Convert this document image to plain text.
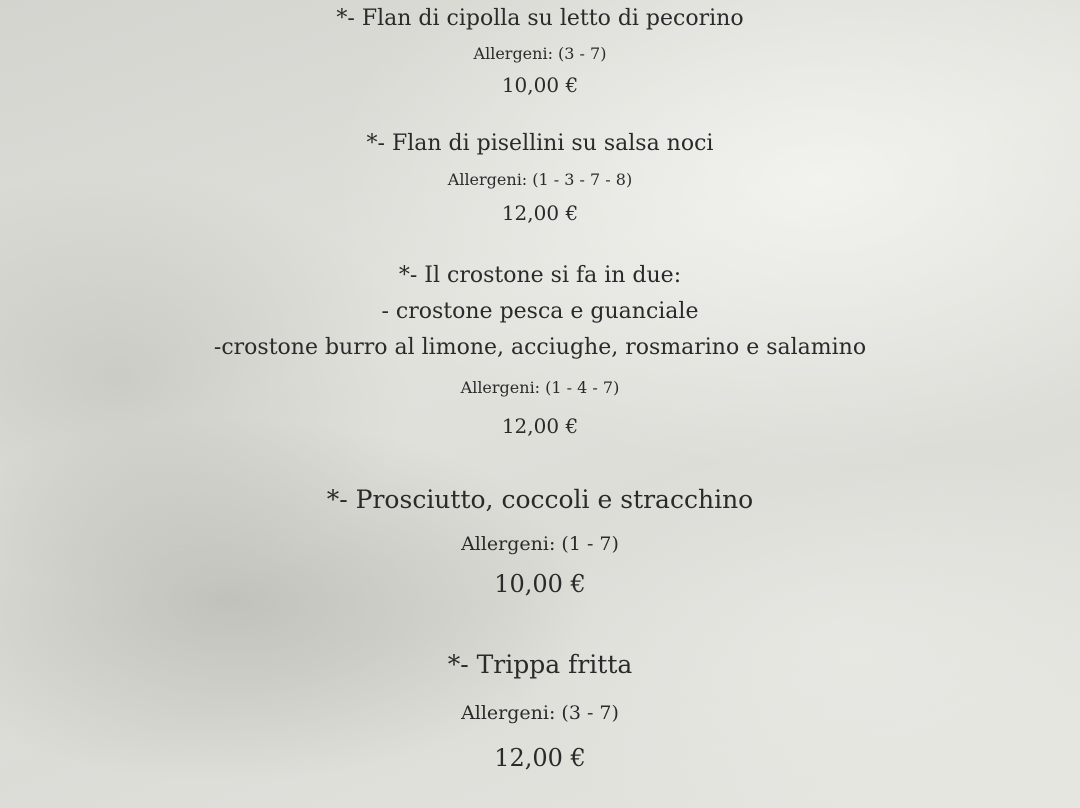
*- Flan di cipolla su letto di pecorino
Allergeni: (3 - 7)
10,00 €
*- Flan di pisellini su salsa noci
Allergeni: (1 - 3 - 7 - 8)
12,00 €
*- Il crostone si fa in due:
- crostone pesca e guanciale
-crostone burro al limone, acciughe, rosmarino e salamino
Allergeni: (1 - 4 - 7)
12,00 €
*- Prosciutto, coccoli e stracchino
Allergeni: (1 - 7)
10,00 €
*- Trippa fritta
Allergeni: (3 - 7)
12,00 €
